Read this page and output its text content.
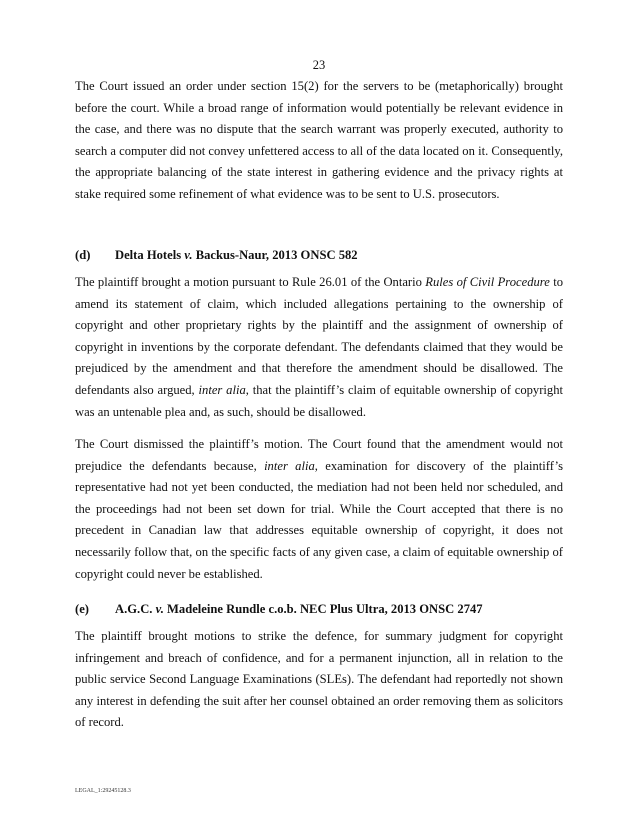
23

The Court issued an order under section 15(2) for the servers to be (metaphorically) brought before the court. While a broad range of information would potentially be relevant evidence in the case, and there was no dispute that the search warrant was properly executed, authority to search a computer did not convey unfettered access to all of the data located on it. Consequently, the appropriate balancing of the state interest in gathering evidence and the privacy rights at stake required some refinement of what evidence was to be sent to U.S. prosecutors.

(d) Delta Hotels v. Backus-Naur, 2013 ONSC 582

The plaintiff brought a motion pursuant to Rule 26.01 of the Ontario Rules of Civil Procedure to amend its statement of claim, which included allegations pertaining to the ownership of copyright and other proprietary rights by the plaintiff and the assignment of ownership of copyright in inventions by the corporate defendant. The defendants claimed that they would be prejudiced by the amendment and that therefore the amendment should be disallowed. The defendants also argued, inter alia, that the plaintiff’s claim of equitable ownership of copyright was an untenable plea and, as such, should be disallowed.

The Court dismissed the plaintiff’s motion. The Court found that the amendment would not prejudice the defendants because, inter alia, examination for discovery of the plaintiff’s representative had not yet been conducted, the mediation had not been held nor scheduled, and the proceedings had not been set down for trial. While the Court accepted that there is no precedent in Canadian law that addresses equitable ownership of copyright, it does not necessarily follow that, on the specific facts of any given case, a claim of equitable ownership of copyright could never be established.

(e) A.G.C. v. Madeleine Rundle c.o.b. NEC Plus Ultra, 2013 ONSC 2747

The plaintiff brought motions to strike the defence, for summary judgment for copyright infringement and breach of confidence, and for a permanent injunction, all in relation to the public service Second Language Examinations (SLEs). The defendant had reportedly not shown any interest in defending the suit after her counsel obtained an order removing them as solicitors of record.

LEGAL_1:29245128.3
